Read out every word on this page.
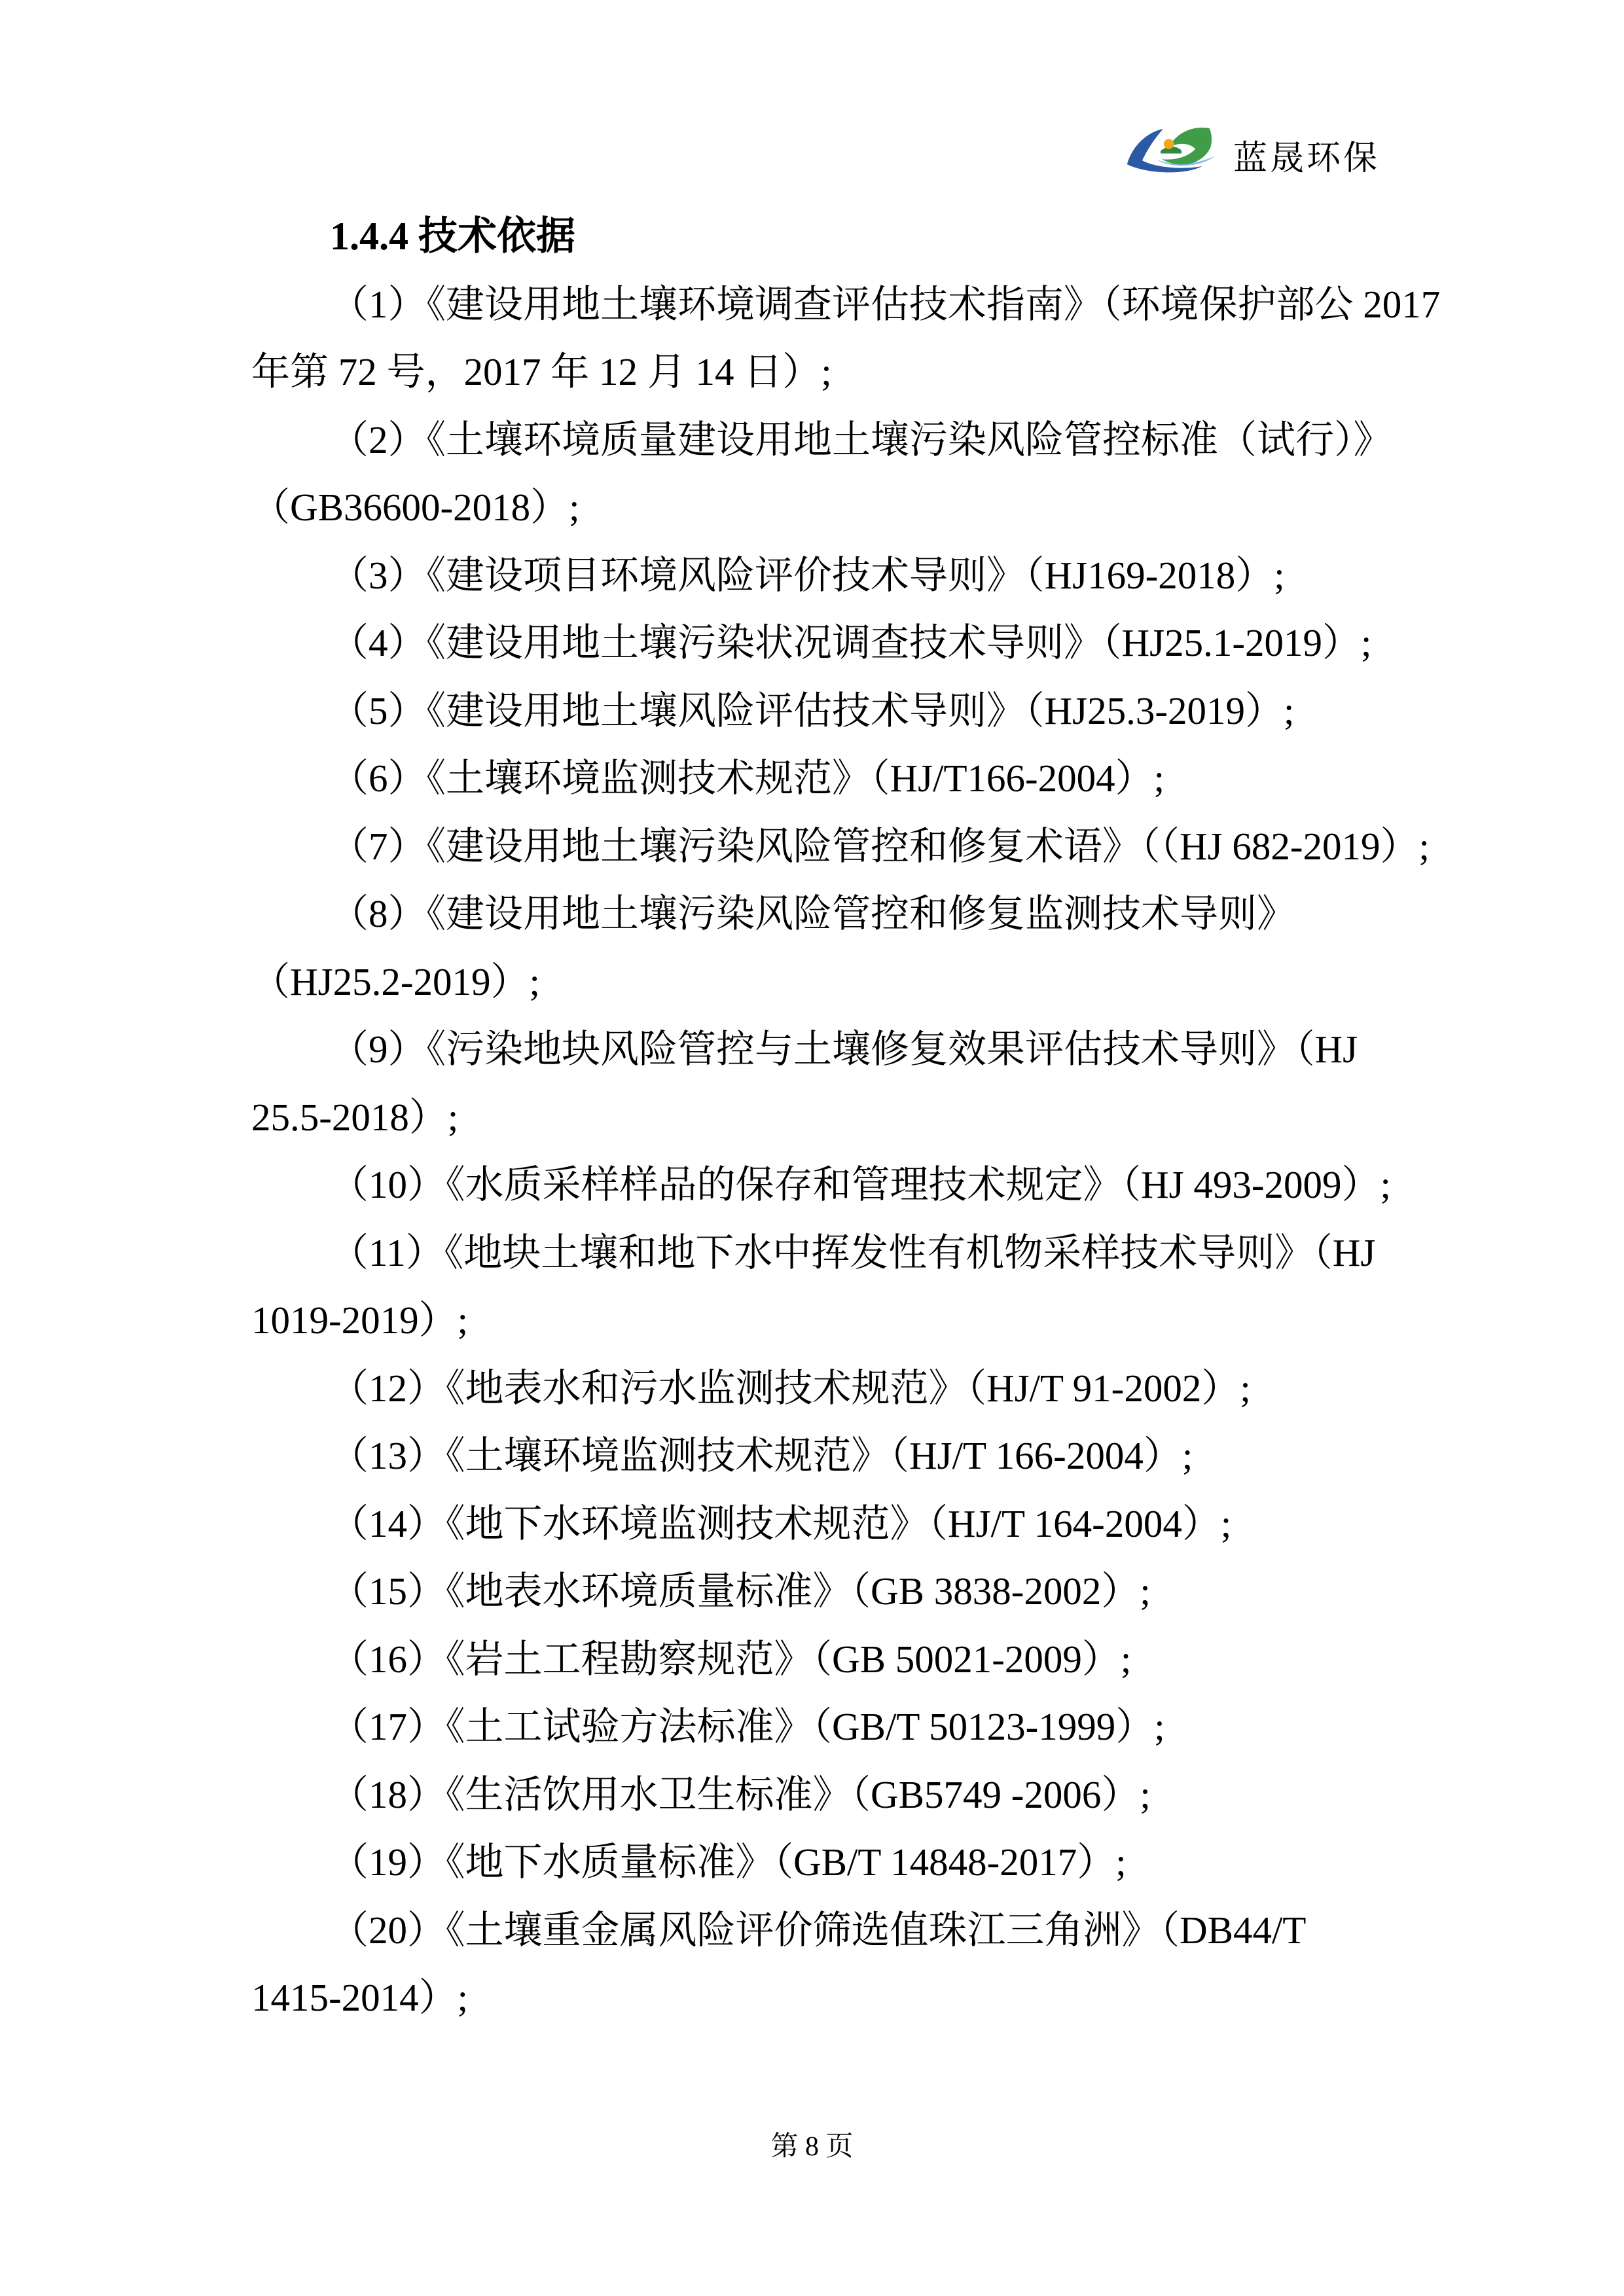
蓝晟环保
1.4.4 技术依据
（1）《建设用地土壤环境调查评估技术指南》（环境保护部公 2017
年第 72 号，2017 年 12 月 14 日）;
（2）《土壤环境质量建设用地土壤污染风险管控标准（试行）》
（GB36600-2018）;
（3）《建设项目环境风险评价技术导则》（HJ169-2018）;
（4）《建设用地土壤污染状况调查技术导则》（HJ25.1-2019）;
（5）《建设用地土壤风险评估技术导则》（HJ25.3-2019）;
（6）《土壤环境监测技术规范》（HJ/T166-2004）;
（7）《建设用地土壤污染风险管控和修复术语》（（HJ 682-2019）;
（8）《建设用地土壤污染风险管控和修复监测技术导则》
（HJ25.2-2019）;
（9）《污染地块风险管控与土壤修复效果评估技术导则》（HJ
25.5-2018）;
（10）《水质采样样品的保存和管理技术规定》（HJ 493-2009）;
（11）《地块土壤和地下水中挥发性有机物采样技术导则》（HJ
1019-2019）;
（12）《地表水和污水监测技术规范》（HJ/T 91-2002）;
（13）《土壤环境监测技术规范》（HJ/T 166-2004）;
（14）《地下水环境监测技术规范》（HJ/T 164-2004）;
（15）《地表水环境质量标准》（GB 3838-2002）;
（16）《岩土工程勘察规范》（GB 50021-2009）;
（17）《土工试验方法标准》（GB/T 50123-1999）;
（18）《生活饮用水卫生标准》（GB5749 -2006）;
（19）《地下水质量标准》（GB/T 14848-2017）;
（20）《土壤重金属风险评价筛选值珠江三角洲》（DB44/T
1415-2014）;
第 8 页
